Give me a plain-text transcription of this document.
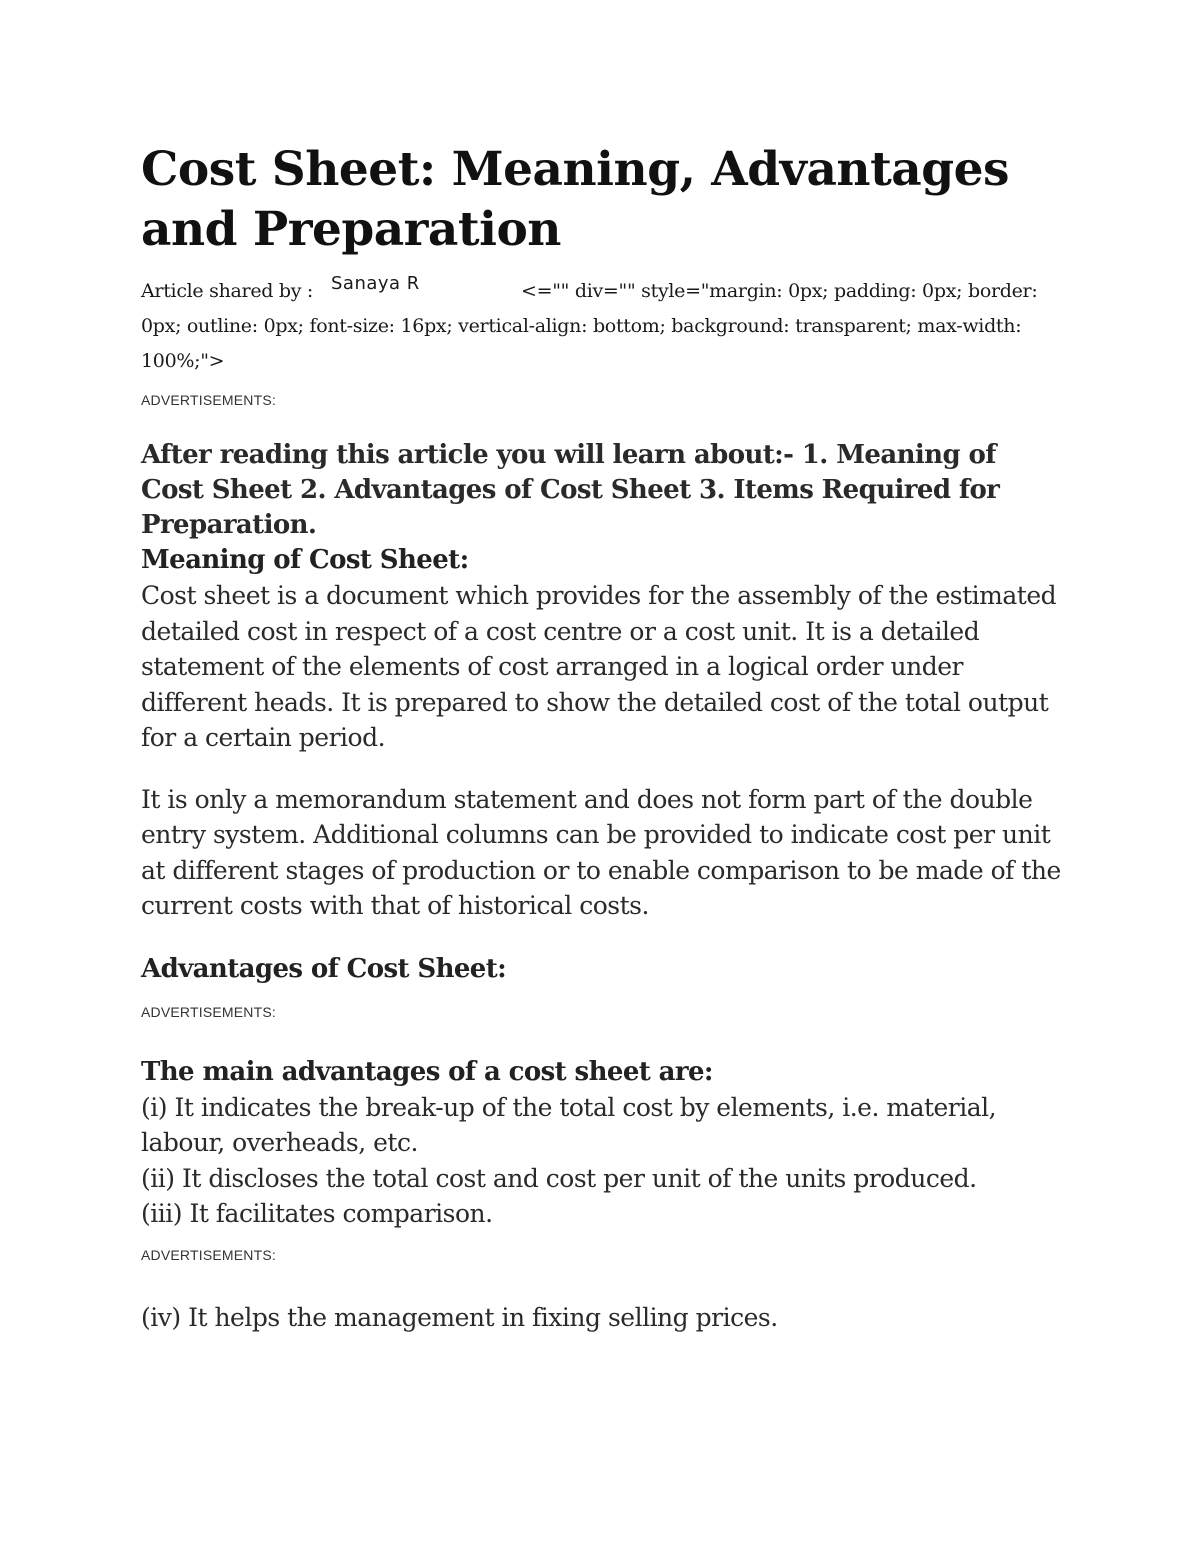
Cost Sheet: Meaning, Advantages and Preparation
Article shared by : Sanaya R	<="" div="" style="margin: 0px; padding: 0px; border: 0px; outline: 0px; font-size: 16px; vertical-align: bottom; background: transparent; max-width: 100%;">
ADVERTISEMENTS:
After reading this article you will learn about:- 1. Meaning of Cost Sheet 2. Advantages of Cost Sheet 3. Items Required for Preparation.
Meaning of Cost Sheet:

Cost sheet is a document which provides for the assembly of the estimated detailed cost in respect of a cost centre or a cost unit. It is a detailed statement of the elements of cost arranged in a logical order under different heads. It is prepared to show the detailed cost of the total output for a certain period.

It is only a memorandum statement and does not form part of the double entry system. Additional columns can be provided to indicate cost per unit at different stages of production or to enable comparison to be made of the current costs with that of historical costs.

Advantages of Cost Sheet:
ADVERTISEMENTS:
The main advantages of a cost sheet are:

(i) It indicates the break-up of the total cost by elements, i.e. material, labour, overheads, etc.

(ii) It discloses the total cost and cost per unit of the units produced.

(iii) It facilitates comparison.

ADVERTISEMENTS:

(iv) It helps the management in fixing selling prices.
